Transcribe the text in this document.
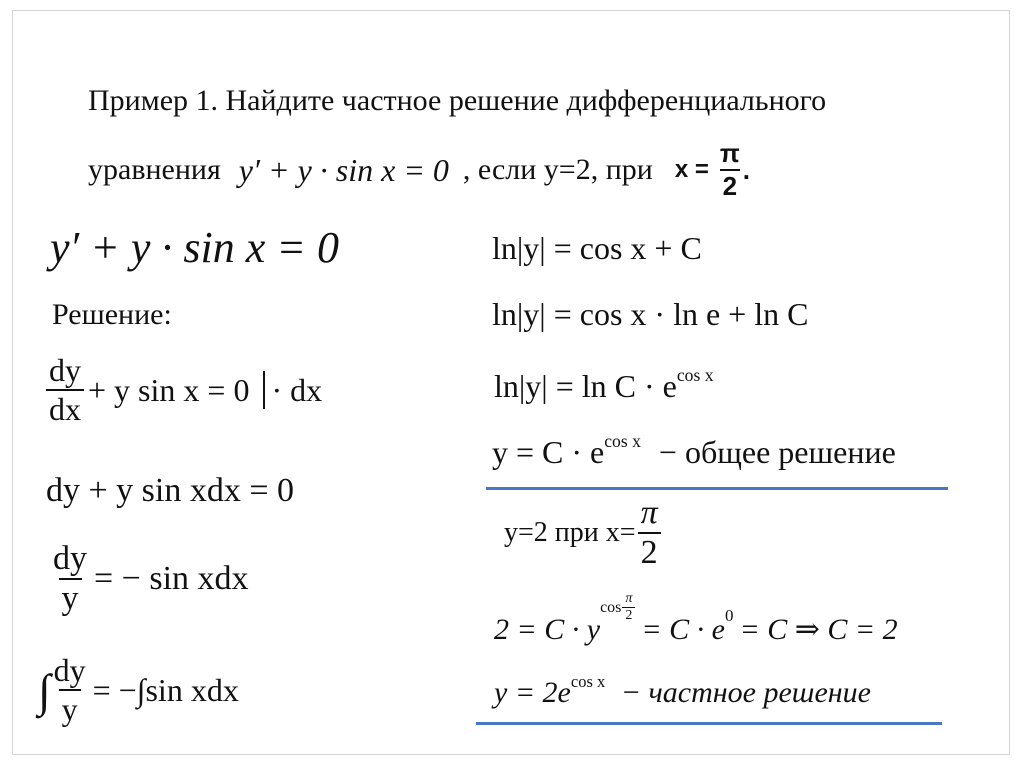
Пример 1. Найдите частное решение дифференциального
уравнения y′ + y · sin x = 0 , если у=2, при $x = \frac{\pi}{2}$ .
y′ + y · sin x = 0
Решение:
$\frac{dy}{dx} + y$ sin x = 0 · dx
dy + y sin xdx = 0
$\frac{dy}{y}$ = − sin xdx
∫ $\frac{dy}{y} = -\int\sin$ xdx
ln|y| = cos x + C
ln|y| = cos x · ln e + ln C
$\ln|y| = \ln C \cdot e^{cos x}$
$y = C \cdot e^{cos x}$ − общее решение
у=2 при $х= \frac{\pi}{2}$
2 = C · y
$\cos \frac{\pi}{2}$
= C · e 0 = C ⇒ C = 2
$y = 2e^{cos x}$ − частное решение
